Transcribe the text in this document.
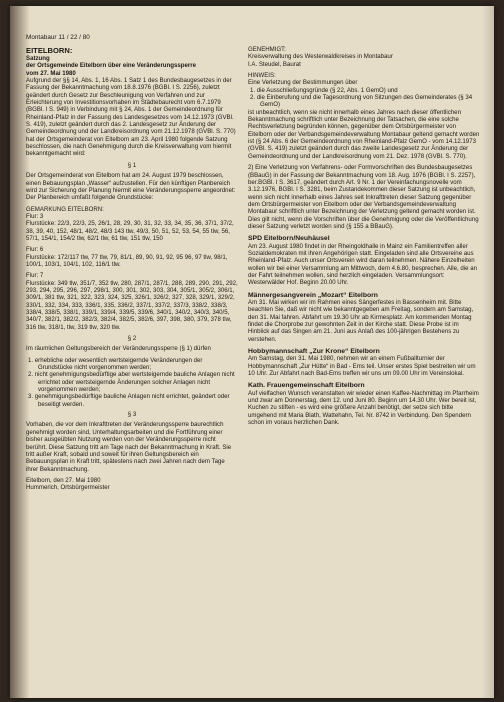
Montabaur 11 / 22 / 80
EITELBORN:
Satzung
der Ortsgemeinde Eitelborn über eine Veränderungssperre
vom 27. Mai 1980

Aufgrund der §§ 14, Abs. 1, 16 Abs. 1 Satz 1 des Bundesbaugesetzes in der Fassung der Bekanntmachung vom 18.8.1976 (BGBl. I S. 2256), zuletzt geändert durch Gesetz zur Beschleunigung von Verfahren und zur Erleichterung von Investitionsvorhaben im Städtebaurecht vom 6.7.1979 (BGBl. I S. 949) in Verbindung mit § 24, Abs. 1 der Gemeindeordnung für Rheinland-Pfalz in der Fassung des Landesgesetzes vom 14.12.1973 (GVBl. S. 419), zuletzt geändert durch das 2. Landesgesetz zur Änderung der Gemeindeordnung und der Landkreisordnung vom 21.12.1978 (GVBl. S. 770) hat der Ortsgemeinderat von Eitelborn am 23. April 1980 folgende Satzung beschlossen, die nach Genehmigung durch die Kreisverwaltung vom hiermit bekanntgemacht wird:

§ 1

Der Ortsgemeinderat von Eitelborn hat am 24. August 1979 beschlossen, einen Bebauungsplan „Wasser“ aufzustellen. Für den künftigen Planbereich wird zur Sicherung der Planung hiermit eine Veränderungssperre angeordnet: Der Planbereich umfaßt folgende Grundstücke:

GEMARKUNG EITELBORN:
Flur: 3

Flurstücke: 22/3, 22/3, 25, 26/1, 28, 29, 30, 31, 32, 33, 34, 35, 36, 37/1, 37/2, 38, 39, 40, 152, 48/1, 48/2, 48/3 143 tlw, 49/3, 50, 51, 52, 53, 54, 55 tlw, 56, 57/1, 154/1, 154/2 tlw, 62/1 tlw, 61 tlw, 151 tlw, 150

Flur: 6

Flurstücke: 172/117 tlw, 77 tlw, 79, 81/1, 89, 90, 91, 92, 95 96, 97 tlw, 98/1, 100/1, 103/1, 104/1, 102, 116/1 tlw.

Flur: 7

Flurstücke: 349 tlw, 351/7, 352 tlw, 280, 287/1, 287/1, 288, 289, 290, 291, 292, 293, 294, 295, 296, 297, 298/1, 300, 301, 302, 303, 304, 305/1, 305/2, 306/1, 309/1, 381 tlw, 321, 322, 323, 324, 325, 326/1, 326/2, 327, 328, 329/1, 329/2, 330/1, 332, 334, 333, 336/1, 335, 336/2, 337/1, 337/2, 337/3, 338/2, 338/3, 338/4, 338/5, 338/1, 339/1, 339/4, 339/5, 339/6, 340/1, 340/2, 340/3, 340/5, 340/7, 382/1, 382/2, 382/3, 382/4, 382/5, 382/6, 397, 398, 380, 379, 378 tlw, 316 tlw, 318/1, tlw, 319 tlw, 320 tlw.

§ 2

Im räumlichen Geltungsbereich der Veränderungssperre (§ 1) dürfen

1. erhebliche oder wesentlich wertsteigernde Veränderungen der Grundstücke nicht vorgenommen werden;
2. nicht genehmigungsbedürftige aber wertsteigernde bauliche Anlagen nicht errichtet oder wertsteigernde Änderungen solcher Anlagen nicht vorgenommen werden;
3. genehmigungsbedürftige bauliche Anlagen nicht errichtet, geändert oder beseitigt werden.
§ 3

Vorhaben, die vor dem Inkrafttreten der Veränderungssperre baurechtlich genehmigt worden sind, Unterhaltungsarbeiten und die Fortführung einer bisher ausgeübten Nutzung werden von der Veränderungssperre nicht berührt. Diese Satzung tritt am Tage nach der Bekanntmachung in Kraft. Sie tritt außer Kraft, sobald und soweit für ihren Geltungsbereich ein Bebauungsplan in Kraft tritt, spätestens nach zwei Jahren nach dem Tage ihrer Bekanntmachung.

Eitelborn, den 27. Mai 1980
Hummerich, Ortsbürgermeister
GENEHMIGT:
Kreisverwaltung des Westerwaldkreises in Montabaur

I.A. Steudel, Baurat

HINWEIS:
Eine Verletzung der Bestimmungen über
1. die Ausschließungsgründe (§ 22, Abs. 1 GemO) und
2. die Einberufung und die Tagesordnung von Sitzungen des Gemeinderates (§ 34 GemO)

ist unbeachtlich, wenn sie nicht innerhalb eines Jahres nach dieser öffentlichen Bekanntmachung schriftlich unter Bezeichnung der Tatsachen, die eine solche Rechtsverletzung begründen können, gegenüber dem Ortsbürgermeister von Eitelborn oder der Verbandsgemeindeverwaltung Montabaur geltend gemacht worden ist (§ 24 Abs. 6 der Gemeindeordnung von Rheinland-Pfalz GemO - vom 14.12.1973 (GVBl. S. 419) zuletzt geändert durch das zweite Landesgesetz zur Änderung der Gemeindeordnung und der Landkreisordnung vom 21. Dez. 1978 (GVBl. S. 770).

2) Eine Verletzung von Verfahrens- oder Formvorschriften des Bundesbaugesetzes (BBauG) in der Fassung der Bekanntmachung vom 18. Aug. 1976 (BGBl. I S. 2257), ber.BGBl. I S. 3617, geändert durch Art. 9 Nr. 1 der Vereinfachungsnovelle vom 3.12.1976, BGBl. I S. 3281, beim Zustandekommen dieser Satzung ist unbeachtlich, wenn sich nicht innerhalb eines Jahres seit Inkrafttreten dieser Satzung gegenüber dem Ortsbürgermeister von Eitelborn oder der Verbandsgemeindeverwaltung Montabaur schriftlich unter Bezeichnung der Verletzung geltend gemacht worden ist. Dies gilt nicht, wenn die Vorschriften über die Genehmigung oder die Veröffentlichung dieser Satzung verletzt worden sind (§ 155 a BBauG).

SPD Eitelborn/Neuhäusel

Am 23. August 1980 findet in der Rheingoldhalle in Mainz ein Familientreffen aller Sozialdemokraten mit ihren Angehörigen statt. Eingeladen sind alle Ortsvereine aus Rheinland-Pfalz. Auch unser Ortsverein wird daran teilnehmen. Nähere Einzelheiten wollen wir bei einer Versammlung am Mittwoch, dem 4.6.80, besprechen. Alle, die an der Fahrt teilnehmen wollen, sind herzlich eingeladen. Versammlungsort: Westerwälder Hof. Beginn 20.00 Uhr.

Männergesangverein „Mozart“ Eitelborn

Am 31. Mai wirken wir im Rahmen eines Sängerfestes in Bassenheim mit. Bitte beachten Sie, daß wir nicht wie bekanntgegeben am Freitag, sondern am Samstag, den 31. Mai fahren. Abfahrt um 19.30 Uhr ab Kirmesplatz. Am kommenden Montag findet die Chorprobe zur gewohnten Zeit in der Kirche statt. Diese Probe ist im Hinblick auf das Singen am 21. Juni aus Anlaß des 100-jährigen Bestehens zu verstehen.

Hobbymannschaft „Zur Krone“ Eitelborn

Am Samstag, den 31. Mai 1980, nehmen wir an einem Fußballturnier der Hobbymannschaft „Zur Hütte“ in Bad - Ems teil. Unser erstes Spiel bestreiten wir um 10 Uhr. Zur Abfahrt nach Bad-Ems treffen wir uns um 09.00 Uhr im Vereinslokal.

Kath. Frauengemeinschaft Eitelborn

Auf vielfachen Wunsch veranstalten wir wieder einen Kaffee-Nachmittag im Pfarrheim und zwar am Donnerstag, dem 12. und Juni 80. Beginn um 14.30 Uhr. Wer bereit ist, Kuchen zu stiften - es wird eine größere Anzahl benötigt, der setze sich bitte umgehend mit Maria Blath, Wattehahn, Tel. Nr. 8742 in Verbindung. Den Spendern schon im voraus herzlichen Dank.
